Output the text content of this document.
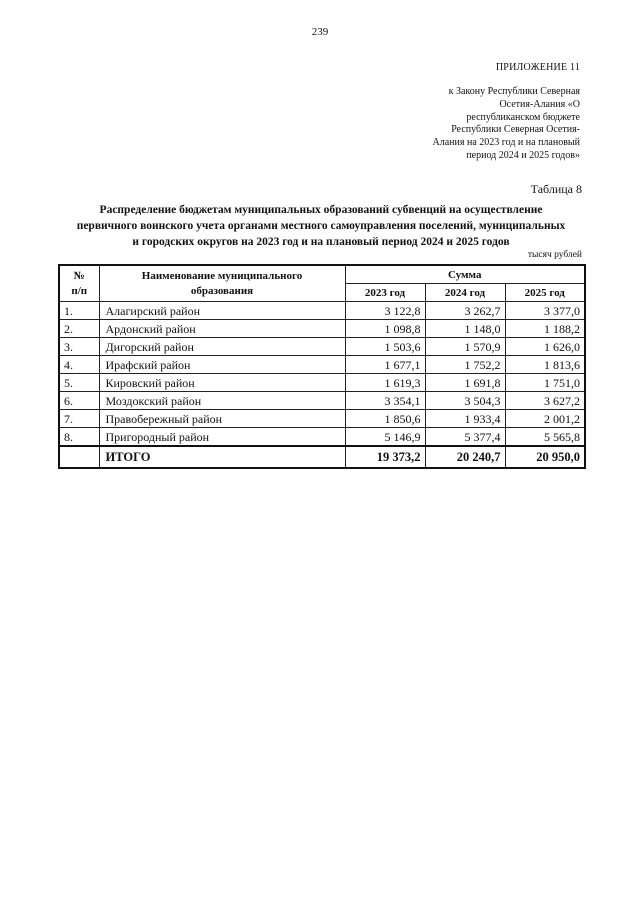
239
ПРИЛОЖЕНИЕ 11
к Закону Республики Северная
Осетия-Алания «О
республиканском бюджете
Республики Северная Осетия-
Алания на 2023 год и на плановый
период 2024 и 2025 годов»
Таблица 8
Распределение бюджетам муниципальных образований субвенций на осуществление
первичного воинского учета органами местного самоуправления поселений, муниципальных
и городских округов на 2023 год и на плановый период 2024 и 2025 годов
тысяч рублей
№
п/п	Наименование муниципального образования	Сумма		
		2023 год	2024 год	2025 год
1.	Алагирский район	3 122,8	3 262,7	3 377,0
2.	Ардонский район	1 098,8	1 148,0	1 188,2
3.	Дигорский район	1 503,6	1 570,9	1 626,0
4.	Ирафский район	1 677,1	1 752,2	1 813,6
5.	Кировский район	1 619,3	1 691,8	1 751,0
6.	Моздокский район	3 354,1	3 504,3	3 627,2
7.	Правобережный район	1 850,6	1 933,4	2 001,2
8.	Пригородный район	5 146,9	5 377,4	5 565,8
	ИТОГО	19 373,2	20 240,7	20 950,0
